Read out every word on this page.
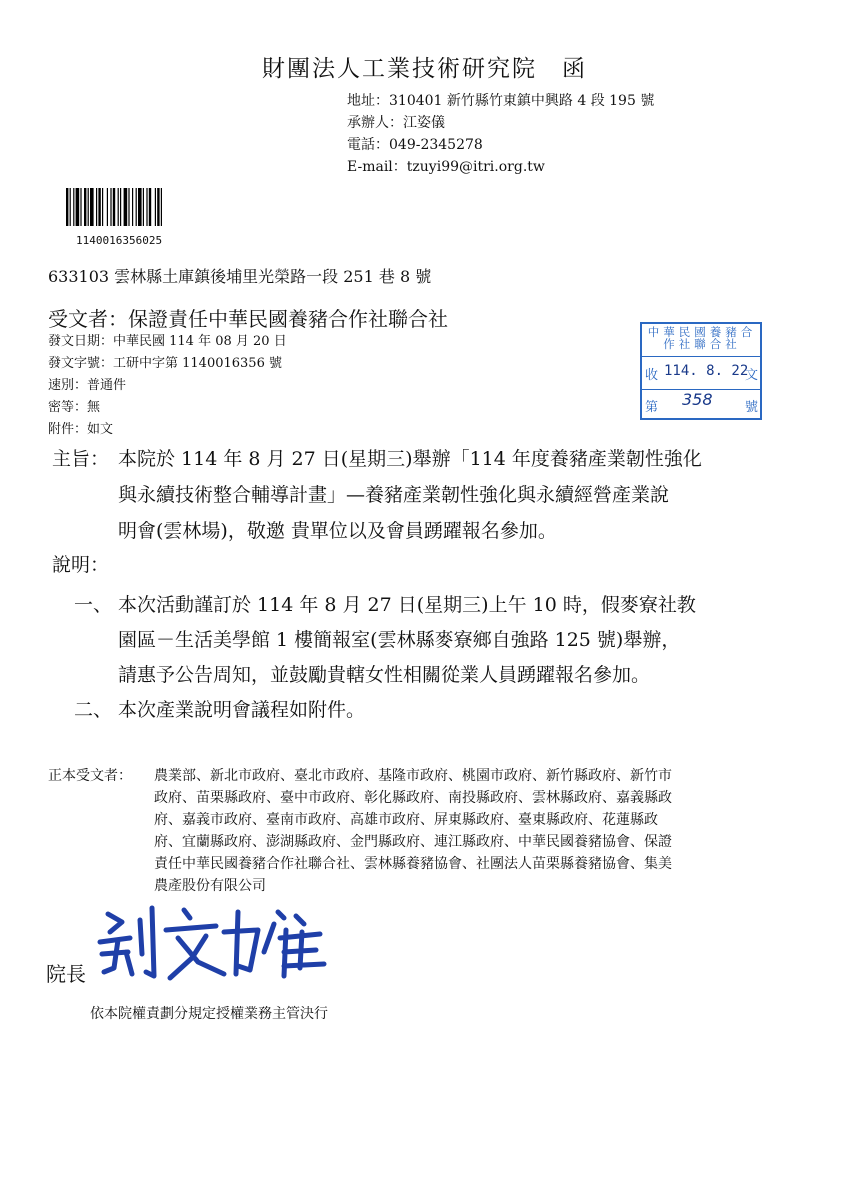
財團法人工業技術研究院　函
地址：310401 新竹縣竹東鎮中興路 4 段 195 號
承辦人：江姿儀
電話：049-2345278
E-mail：tzuyi99@itri.org.tw
1140016356025
633103 雲林縣土庫鎮後埔里光榮路一段 251 巷 8 號
受文者：保證責任中華民國養豬合作社聯合社
發文日期：中華民國 114 年 08 月 20 日
發文字號：工研中字第 1140016356 號
速別：普通件
密等：無
附件：如文
中華民國養豬合作社聯合社
收 114. 8. 22
文
第 358 號
主旨： 本院於 114 年 8 月 27 日(星期三)舉辦「114 年度養豬產業韌性強化
與永續技術整合輔導計畫」—養豬產業韌性強化與永續經營產業說
明會(雲林場)，敬邀 貴單位以及會員踴躍報名參加。
說明：
一、 本次活動謹訂於 114 年 8 月 27 日(星期三)上午 10 時，假麥寮社教
園區－生活美學館 1 樓簡報室(雲林縣麥寮鄉自強路 125 號)舉辦，
請惠予公告周知，並鼓勵貴轄女性相關從業人員踴躍報名參加。
二、 本次產業說明會議程如附件。
正本受文者： 農業部、新北市政府、臺北市政府、基隆市政府、桃園市政府、新竹縣政府、新竹市
政府、苗栗縣政府、臺中市政府、彰化縣政府、南投縣政府、雲林縣政府、嘉義縣政
府、嘉義市政府、臺南市政府、高雄市政府、屏東縣政府、臺東縣政府、花蓮縣政
府、宜蘭縣政府、澎湖縣政府、金門縣政府、連江縣政府、中華民國養豬協會、保證
責任中華民國養豬合作社聯合社、雲林縣養豬協會、社團法人苗栗縣養豬協會、集美
農產股份有限公司
院長
依本院權責劃分規定授權業務主管決行
